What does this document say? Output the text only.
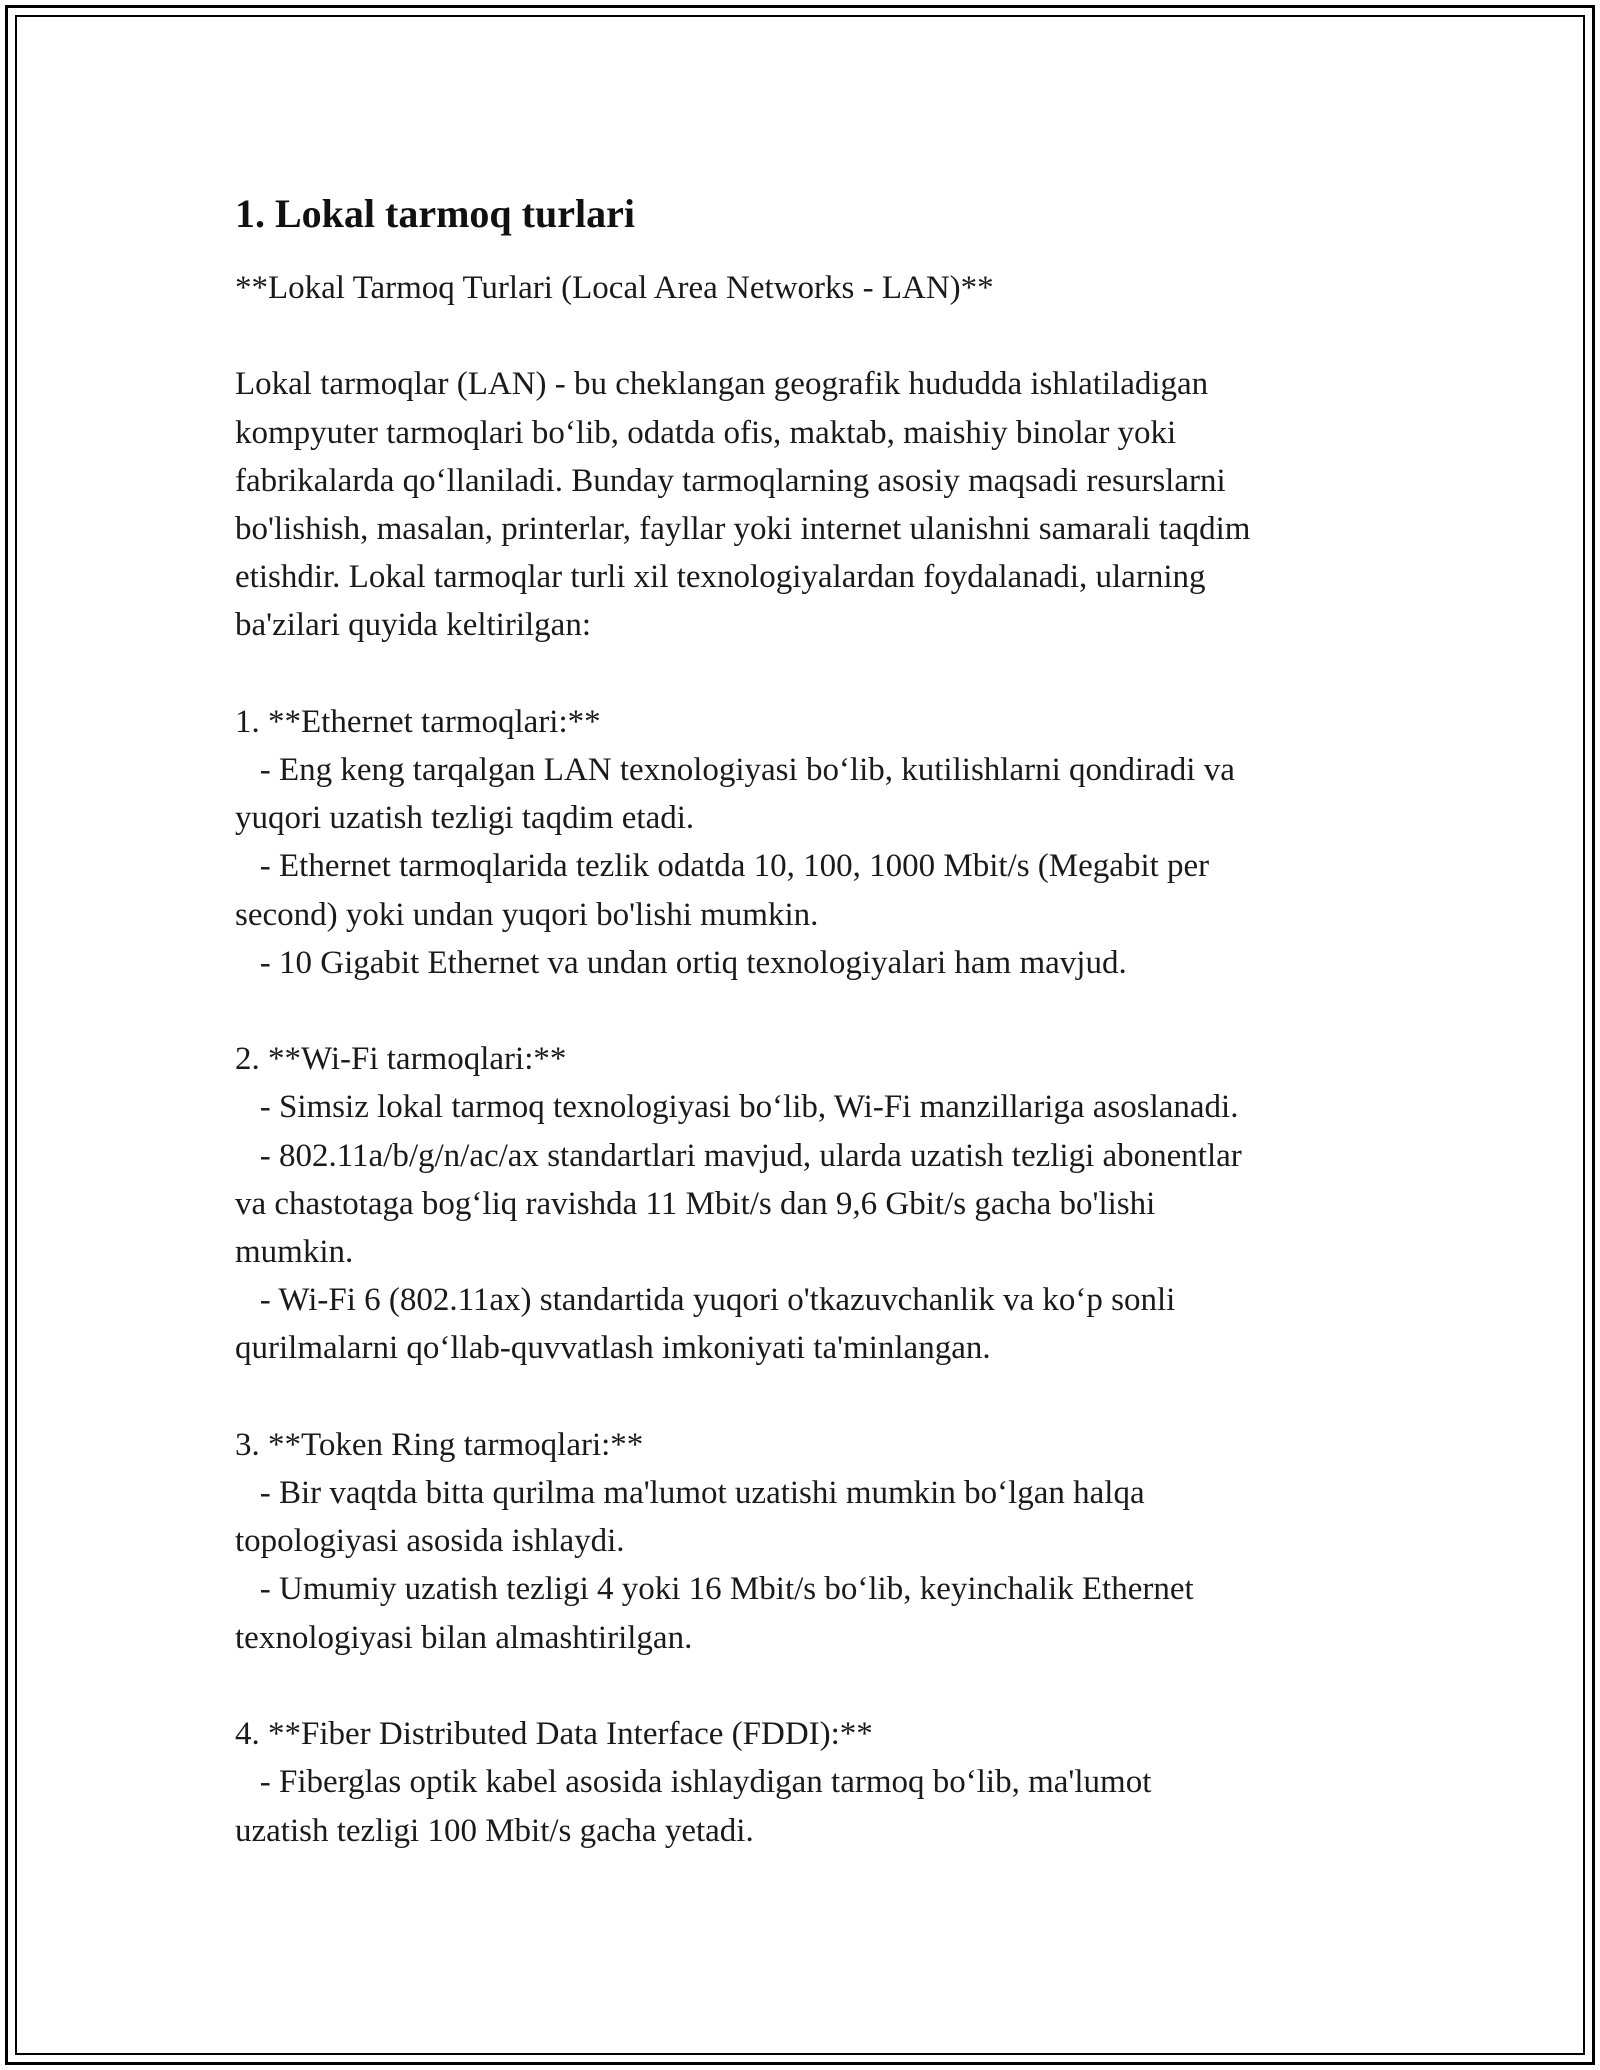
1. Lokal tarmoq turlari

**Lokal Tarmoq Turlari (Local Area Networks - LAN)**

Lokal tarmoqlar (LAN) - bu cheklangan geografik hududda ishlatiladigan
kompyuter tarmoqlari bo‘lib, odatda ofis, maktab, maishiy binolar yoki
fabrikalarda qo‘llaniladi. Bunday tarmoqlarning asosiy maqsadi resurslarni
bo'lishish, masalan, printerlar, fayllar yoki internet ulanishni samarali taqdim
etishdir. Lokal tarmoqlar turli xil texnologiyalardan foydalanadi, ularning
ba'zilari quyida keltirilgan:

1. **Ethernet tarmoqlari:**
- Eng keng tarqalgan LAN texnologiyasi bo‘lib, kutilishlarni qondiradi va
yuqori uzatish tezligi taqdim etadi.
- Ethernet tarmoqlarida tezlik odatda 10, 100, 1000 Mbit/s (Megabit per
second) yoki undan yuqori bo'lishi mumkin.
- 10 Gigabit Ethernet va undan ortiq texnologiyalari ham mavjud.

2. **Wi-Fi tarmoqlari:**
- Simsiz lokal tarmoq texnologiyasi bo‘lib, Wi-Fi manzillariga asoslanadi.
- 802.11a/b/g/n/ac/ax standartlari mavjud, ularda uzatish tezligi abonentlar
va chastotaga bog‘liq ravishda 11 Mbit/s dan 9,6 Gbit/s gacha bo'lishi
mumkin.
- Wi-Fi 6 (802.11ax) standartida yuqori o'tkazuvchanlik va ko‘p sonli
qurilmalarni qo‘llab-quvvatlash imkoniyati ta'minlangan.

3. **Token Ring tarmoqlari:**
- Bir vaqtda bitta qurilma ma'lumot uzatishi mumkin bo‘lgan halqa
topologiyasi asosida ishlaydi.
- Umumiy uzatish tezligi 4 yoki 16 Mbit/s bo‘lib, keyinchalik Ethernet
texnologiyasi bilan almashtirilgan.

4. **Fiber Distributed Data Interface (FDDI):**
- Fiberglas optik kabel asosida ishlaydigan tarmoq bo‘lib, ma'lumot
uzatish tezligi 100 Mbit/s gacha yetadi.
